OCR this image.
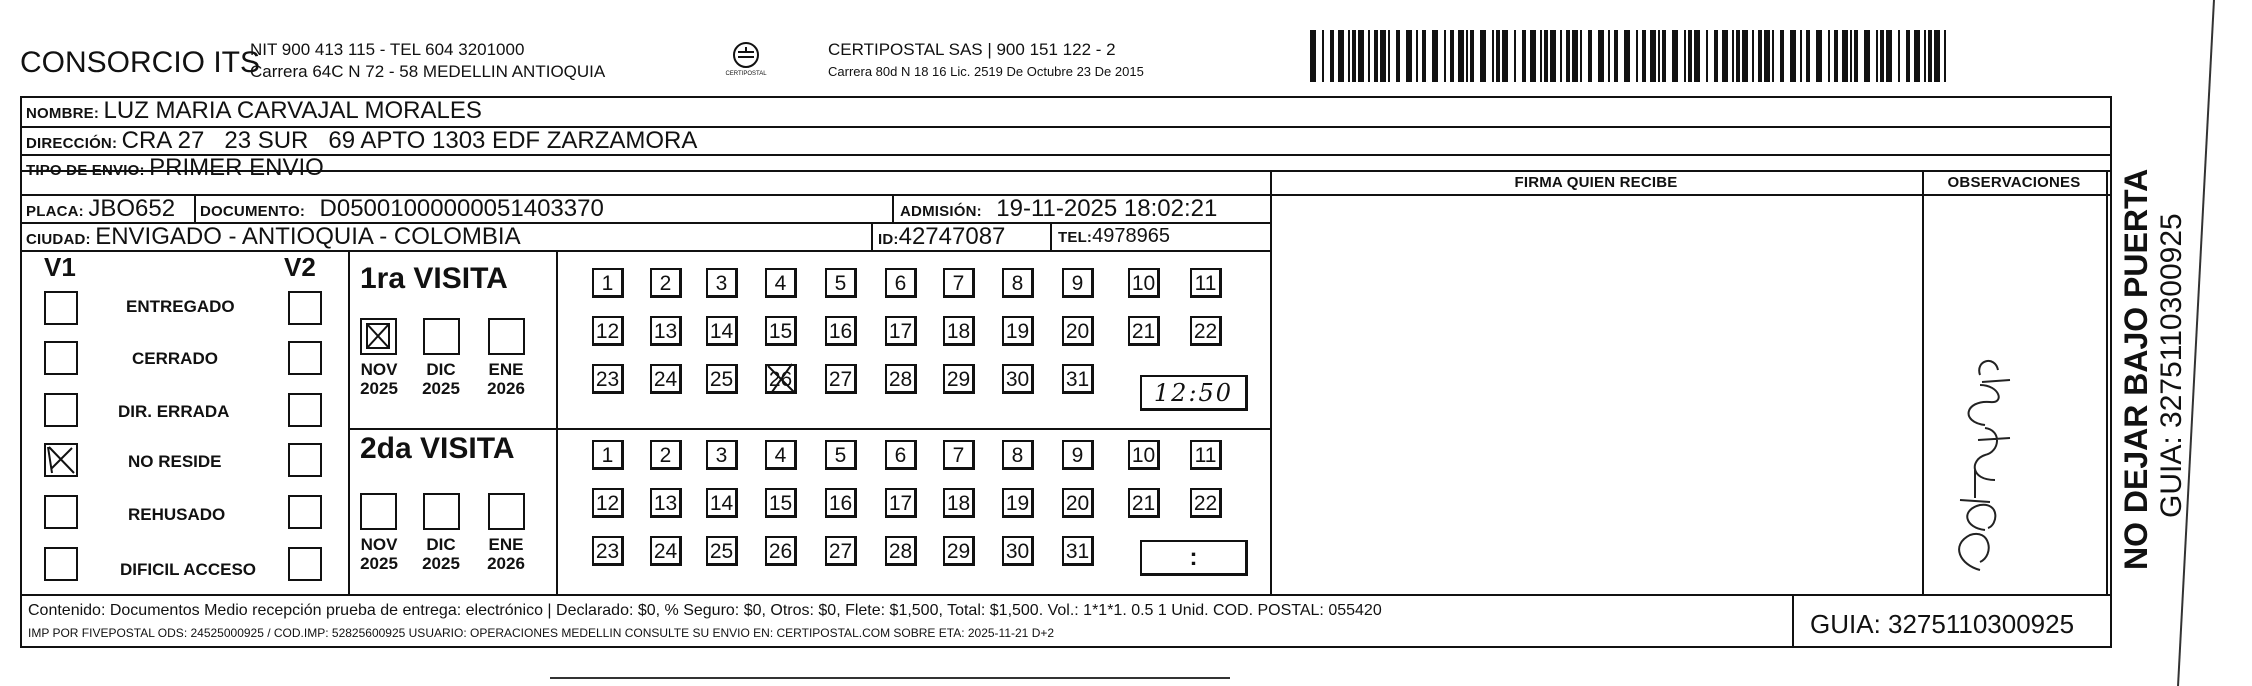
CONSORCIO ITS
NIT 900 413 115 - TEL 604 3201000
Carrera 64C N 72 - 58 MEDELLIN ANTIOQUIA	CERTIPOSTAL
CERTIPOSTAL SAS | 900 151 122 - 2
Carrera 80d N 18 16 Lic. 2519 De Octubre 23 De 2015
NOMBRE: LUZ MARIA CARVAJAL MORALES
DIRECCIÓN: CRA 27   23 SUR   69 APTO 1303 EDF ZARZAMORA
TIPO DE ENVIO: PRIMER ENVIO
FIRMA QUIEN RECIBE	OBSERVACIONES
PLACA: JBO652 DOCUMENTO: D05001000000051403370	ADMISIÓN: 19-11-2025 18:02:21
CIUDAD: ENVIGADO - ANTIOQUIA - COLOMBIA	ID:42747087	TEL:4978965
V1	V2
ENTREGADO
CERRADO
DIR. ERRADA
NO RESIDE
REHUSADO
DIFICIL ACCESO
1ra VISITA
NOV
2025
DIC
2025
ENE
2026
1	2	3	4	5	6	7	8	9	10 11
12 13 14 15 16 17 18 19 20 21 22
23 24 25 26 27 28 29 30 31	12:50
2da VISITA
NOV
2025
DIC
2025
ENE
2026
1	2	3	4	5	6	7	8	9	10 11
12 13 14 15 16 17 18 19 20 21 22
23 24 25 26 27 28 29 30 31	:	NO DEJAR BAJO PUERTA GUIA: 3275110300925
Contenido: Documentos Medio recepción prueba de entrega: electrónico | Declarado: $0, % Seguro: $0, Otros: $0, Flete: $1,500, Total: $1,500. Vol.: 1*1*1. 0.5 1 Unid. COD. POSTAL: 055420
IMP POR FIVEPOSTAL ODS: 24525000925 / COD.IMP: 52825600925 USUARIO: OPERACIONES MEDELLIN CONSULTE SU ENVIO EN: CERTIPOSTAL.COM SOBRE ETA: 2025-11-21 D+2	GUIA: 3275110300925
